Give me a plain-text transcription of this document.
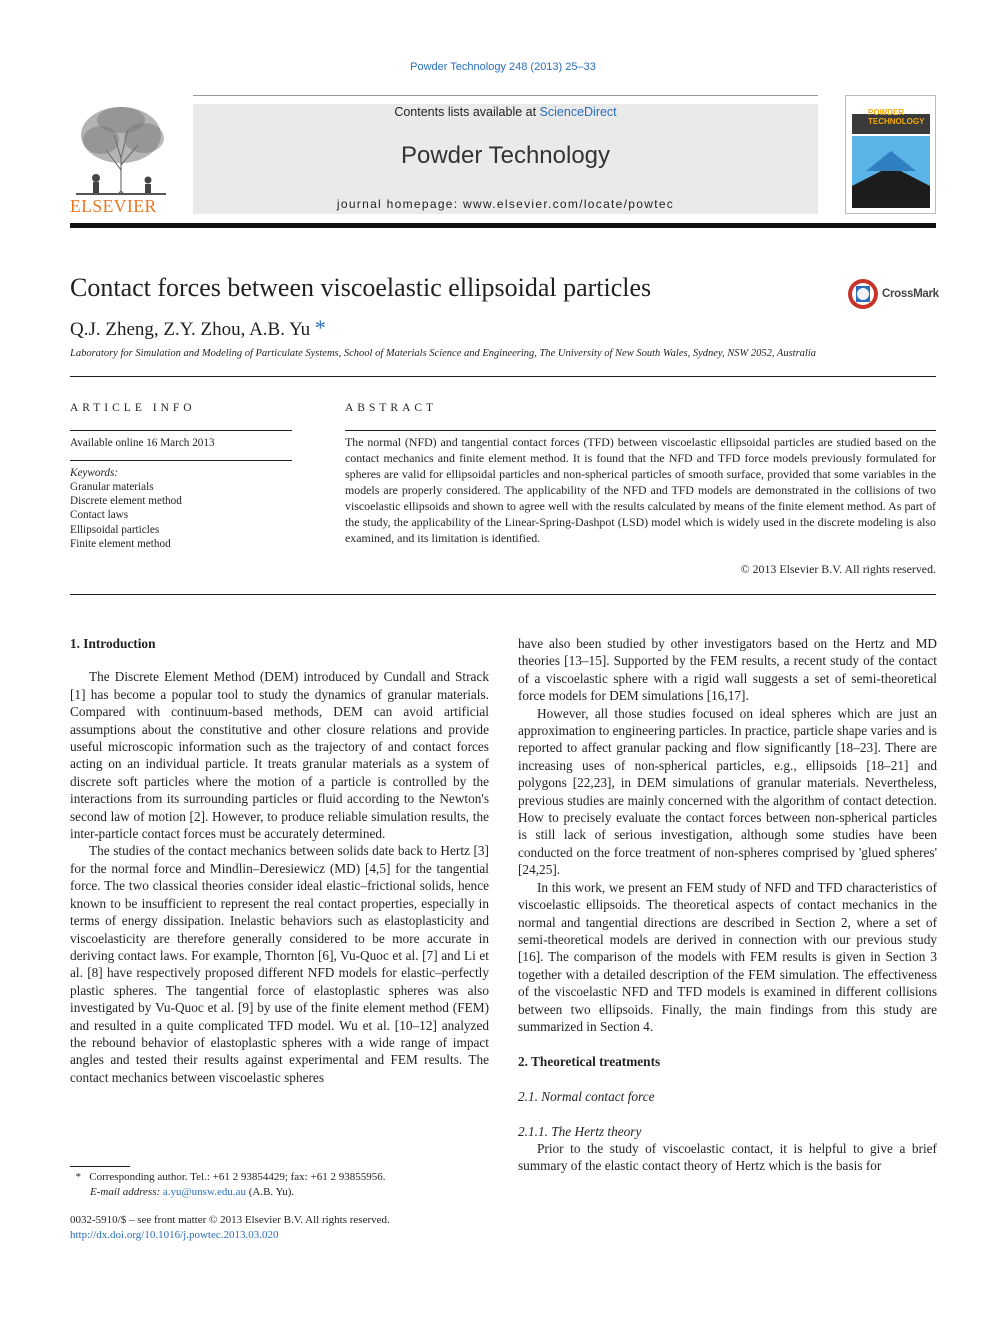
Powder Technology 248 (2013) 25–33
ELSEVIER
Contents lists available at ScienceDirect
Powder Technology
journal homepage: www.elsevier.com/locate/powtec
POWDER TECHNOLOGY
Contact forces between viscoelastic ellipsoidal particles	CrossMark
Q.J. Zheng, Z.Y. Zhou, A.B. Yu *
Laboratory for Simulation and Modeling of Particulate Systems, School of Materials Science and Engineering, The University of New South Wales, Sydney, NSW 2052, Australia
ARTICLE INFO
Available online 16 March 2013
Keywords:
Granular materials
Discrete element method
Contact laws
Ellipsoidal particles
Finite element method
ABSTRACT
The normal (NFD) and tangential contact forces (TFD) between viscoelastic ellipsoidal particles are studied based on the contact mechanics and finite element method. It is found that the NFD and TFD force models previously formulated for spheres are valid for ellipsoidal particles and non-spherical particles of smooth surface, provided that some variables in the models are properly considered. The applicability of the NFD and TFD models are demonstrated in the collisions of two viscoelastic ellipsoids and shown to agree well with the results calculated by means of the finite element method. As part of the study, the applicability of the Linear-Spring-Dashpot (LSD) model which is widely used in the discrete modeling is also examined, and its limitation is identified.
© 2013 Elsevier B.V. All rights reserved.
1. Introduction

The Discrete Element Method (DEM) introduced by Cundall and Strack [1] has become a popular tool to study the dynamics of granular materials. Compared with continuum-based methods, DEM can avoid artificial assumptions about the constitutive and other closure relations and provide useful microscopic information such as the trajectory of and contact forces acting on an individual particle. It treats granular materials as a system of discrete soft particles where the motion of a particle is controlled by the interactions from its surrounding particles or fluid according to the Newton's second law of motion [2]. However, to produce reliable simulation results, the inter-particle contact forces must be accurately determined.

The studies of the contact mechanics between solids date back to Hertz [3] for the normal force and Mindlin–Deresiewicz (MD) [4,5] for the tangential force. The two classical theories consider ideal elastic–frictional solids, hence known to be insufficient to represent the real contact properties, especially in terms of energy dissipation. Inelastic behaviors such as elastoplasticity and viscoelasticity are therefore generally considered to be more accurate in deriving contact laws. For example, Thornton [6], Vu-Quoc et al. [7] and Li et al. [8] have respectively proposed different NFD models for elastic–perfectly plastic spheres. The tangential force of elastoplastic spheres was also investigated by Vu-Quoc et al. [9] by use of the finite element method (FEM) and resulted in a quite complicated TFD model. Wu et al. [10–12] analyzed the rebound behavior of elastoplastic spheres with a wide range of impact angles and tested their results against experimental and FEM results. The contact mechanics between viscoelastic spheres

have also been studied by other investigators based on the Hertz and MD theories [13–15]. Supported by the FEM results, a recent study of the contact of a viscoelastic sphere with a rigid wall suggests a set of semi-theoretical force models for DEM simulations [16,17].

However, all those studies focused on ideal spheres which are just an approximation to engineering particles. In practice, particle shape varies and is reported to affect granular packing and flow significantly [18–23]. There are increasing uses of non-spherical particles, e.g., ellipsoids [18–21] and polygons [22,23], in DEM simulations of granular materials. Nevertheless, previous studies are mainly concerned with the algorithm of contact detection. How to precisely evaluate the contact forces between non-spherical particles is still lack of serious investigation, although some studies have been conducted on the force treatment of non-spheres comprised by 'glued spheres' [24,25].

In this work, we present an FEM study of NFD and TFD characteristics of viscoelastic ellipsoids. The theoretical aspects of contact mechanics in the normal and tangential directions are described in Section 2, where a set of semi-theoretical models are derived in connection with our previous study [16]. The comparison of the models with FEM results is given in Section 3 together with a detailed description of the FEM simulation. The effectiveness of the viscoelastic NFD and TFD models is examined in different collisions between two ellipsoids. Finally, the main findings from this study are summarized in Section 4.

2. Theoretical treatments
2.1. Normal contact force
2.1.1. The Hertz theory

Prior to the study of viscoelastic contact, it is helpful to give a brief summary of the elastic contact theory of Hertz which is the basis for

* Corresponding author. Tel.: +61 2 93854429; fax: +61 2 93855956.
E-mail address: a.yu@unsw.edu.au (A.B. Yu).
0032-5910/$ – see front matter © 2013 Elsevier B.V. All rights reserved.
http://dx.doi.org/10.1016/j.powtec.2013.03.020
